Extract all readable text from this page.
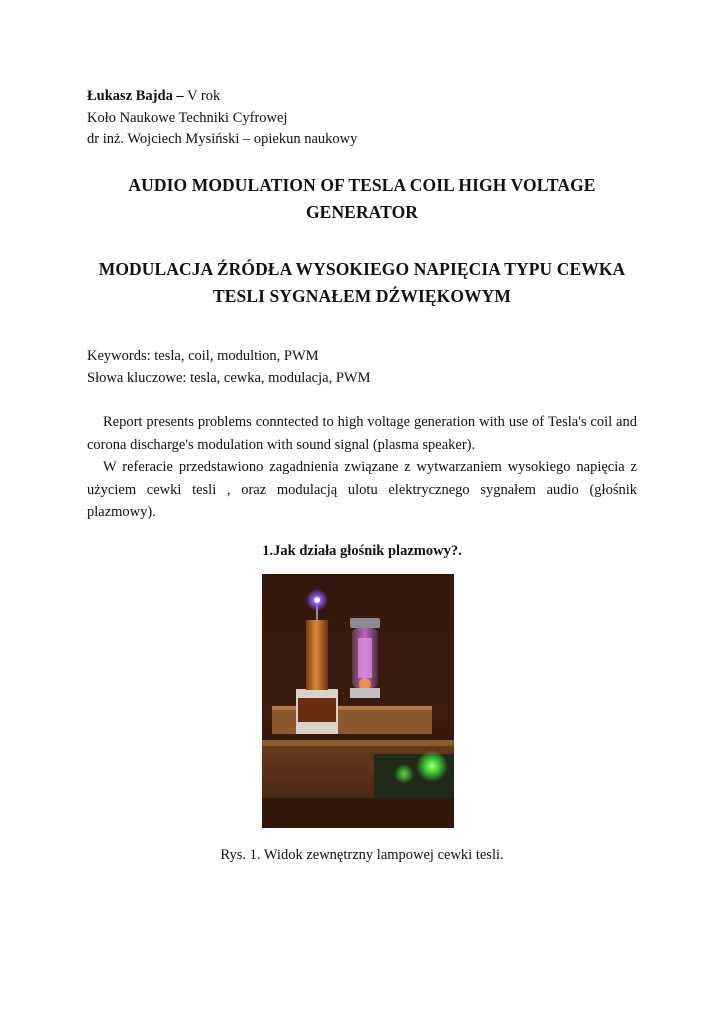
Łukasz Bajda – V rok
Koło Naukowe Techniki Cyfrowej
dr inż. Wojciech Mysiński – opiekun naukowy
AUDIO MODULATION OF TESLA COIL HIGH VOLTAGE
GENERATOR
MODULACJA ŹRÓDŁA WYSOKIEGO NAPIĘCIA TYPU CEWKA
TESLI SYGNAŁEM DŹWIĘKOWYM
Keywords: tesla, coil, modultion, PWM
Słowa kluczowe: tesla, cewka, modulacja, PWM

Report presents problems conntected to high voltage generation with use of Tesla's coil and corona discharge's modulation with sound signal (plasma speaker).

W referacie przedstawiono zagadnienia związane z wytwarzaniem wysokiego napięcia z użyciem cewki tesli , oraz modulacją ulotu elektrycznego sygnałem audio (głośnik plazmowy).

1.Jak działa głośnik plazmowy?.
Rys. 1. Widok zewnętrzny lampowej cewki tesli.
